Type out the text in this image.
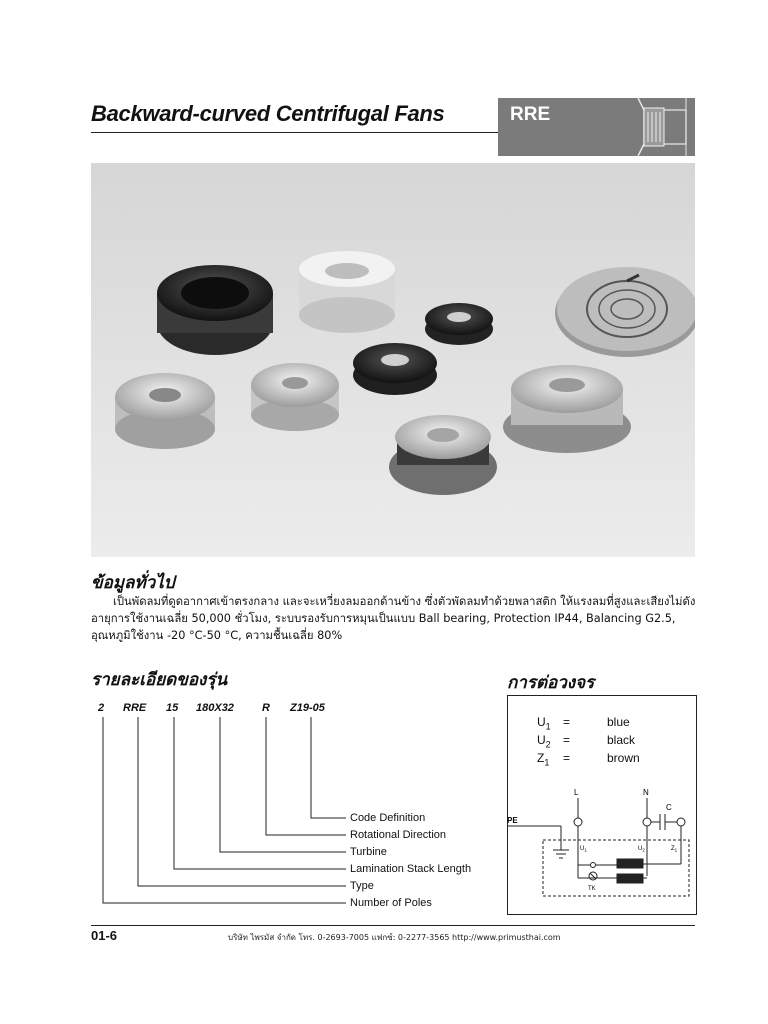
Backward-curved Centrifugal Fans	RRE
ข้อมูลทั่วไป

เป็นพัดลมที่ดูดอากาศเข้าตรงกลาง และจะเหวี่ยงลมออกด้านข้าง ซึ่งตัวพัดลมทำด้วยพลาสติก ให้แรงลมที่สูงและเสียงไม่ดัง

อายุการใช้งานเฉลี่ย 50,000 ชั่วโมง, ระบบรองรับการหมุนเป็นแบบ Ball bearing, Protection IP44, Balancing G2.5,

อุณหภูมิใช้งาน -20 °C-50 °C, ความชื้นเฉลี่ย 80%

รายละเอียดของรุ่น
2 RRE 15 180X32	R Z19-05
Code Definition
Rotational Direction
Turbine
Lamination Stack Length
Type
Number of Poles
การต่อวงจร
$U_1$ =	blue
$U_2$ =	black
$Z_1$ =	brown
L	N
C
PE
$U_1$	$U_2$	$Z_1$
TK
01-6	บริษัท ไพรมัส จำกัด โทร. 0-2693-7005 แฟกซ์: 0-2277-3565 http://www.primusthai.com
